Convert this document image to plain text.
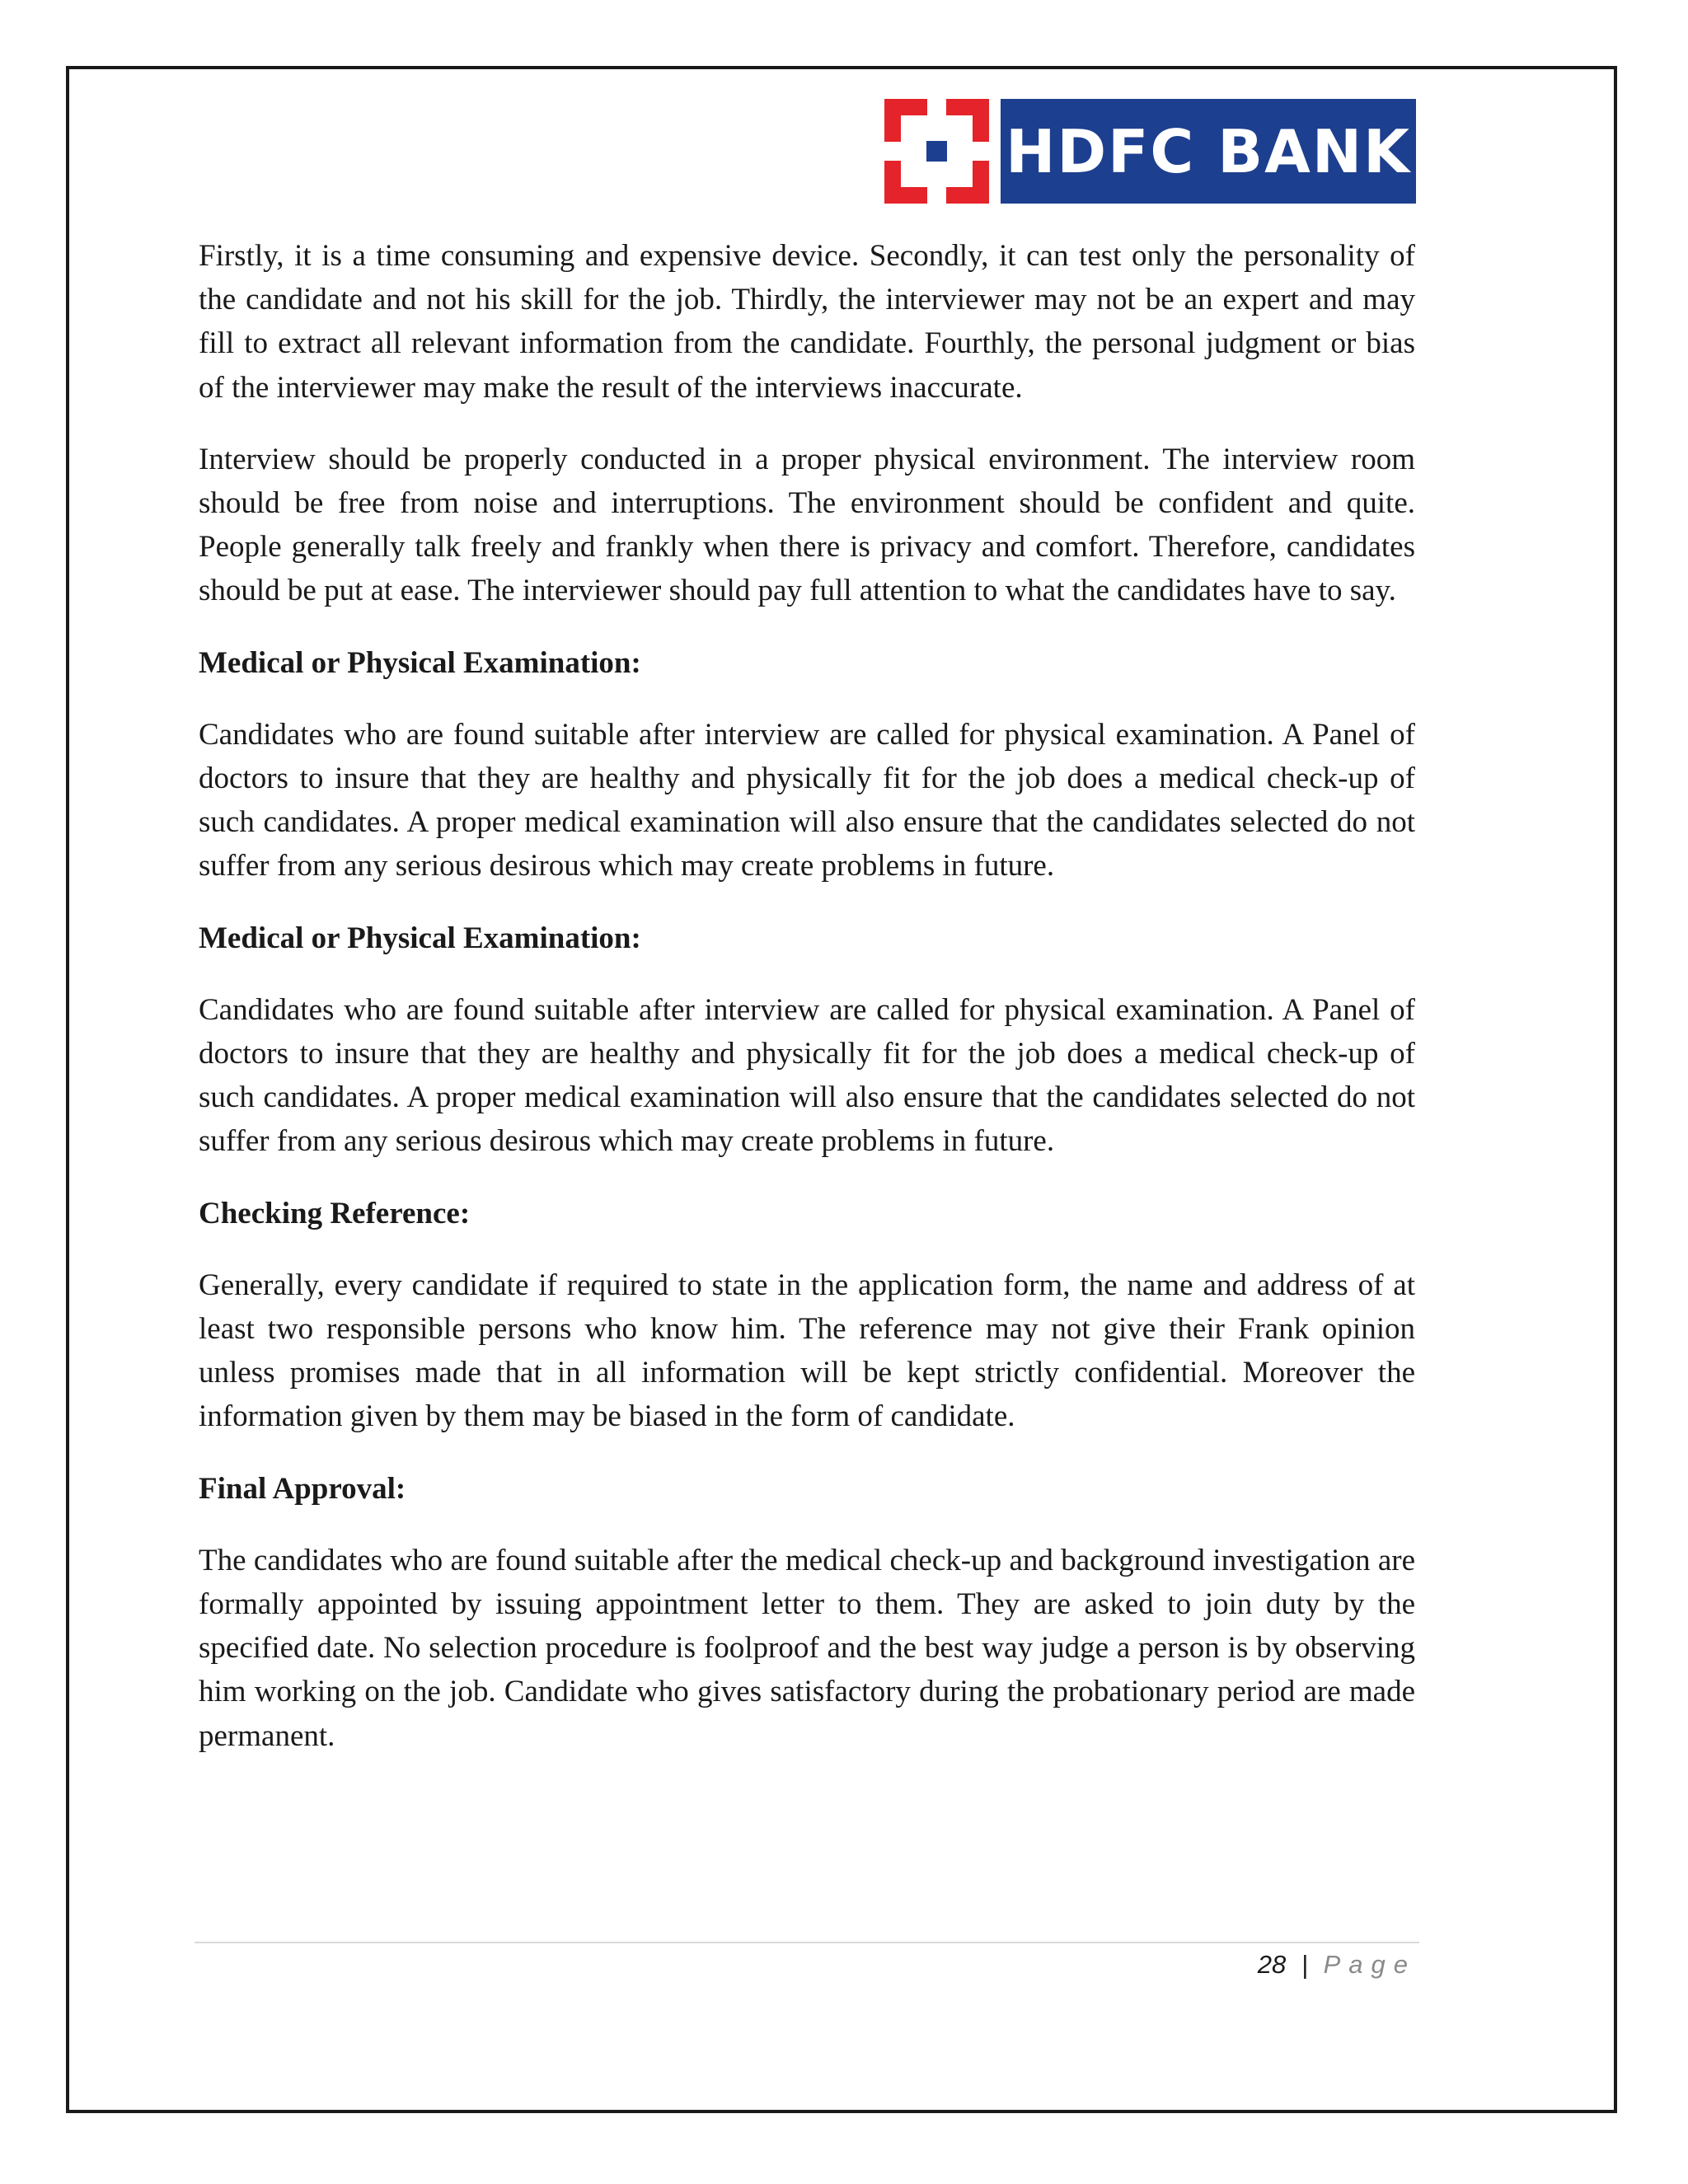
HDFC BANK

Firstly, it is a time consuming and expensive device. Secondly, it can test only the personality of the candidate and not his skill for the job. Thirdly, the interviewer may not be an expert and may fill to extract all relevant information from the candidate. Fourthly, the personal judgment or bias of the interviewer may make the result of the interviews inaccurate.

Interview should be properly conducted in a proper physical environment. The interview room should be free from noise and interruptions. The environment should be confident and quite. People generally talk freely and frankly when there is privacy and comfort. Therefore, candidates should be put at ease. The interviewer should pay full attention to what the candidates have to say.

Medical or Physical Examination:

Candidates who are found suitable after interview are called for physical examination. A Panel of doctors to insure that they are healthy and physically fit for the job does a medical check-up of such candidates. A proper medical examination will also ensure that the candidates selected do not suffer from any serious desirous which may create problems in future.

Medical or Physical Examination:

Candidates who are found suitable after interview are called for physical examination. A Panel of doctors to insure that they are healthy and physically fit for the job does a medical check-up of such candidates. A proper medical examination will also ensure that the candidates selected do not suffer from any serious desirous which may create problems in future.

Checking Reference:

Generally, every candidate if required to state in the application form, the name and address of at least two responsible persons who know him. The reference may not give their Frank opinion unless promises made that in all information will be kept strictly confidential. Moreover the information given by them may be biased in the form of candidate.

Final Approval:

The candidates who are found suitable after the medical check-up and background investigation are formally appointed by issuing appointment letter to them. They are asked to join duty by the specified date. No selection procedure is foolproof and the best way judge a person is by observing him working on the job. Candidate who gives satisfactory during the probationary period are made permanent.

28 | Page
